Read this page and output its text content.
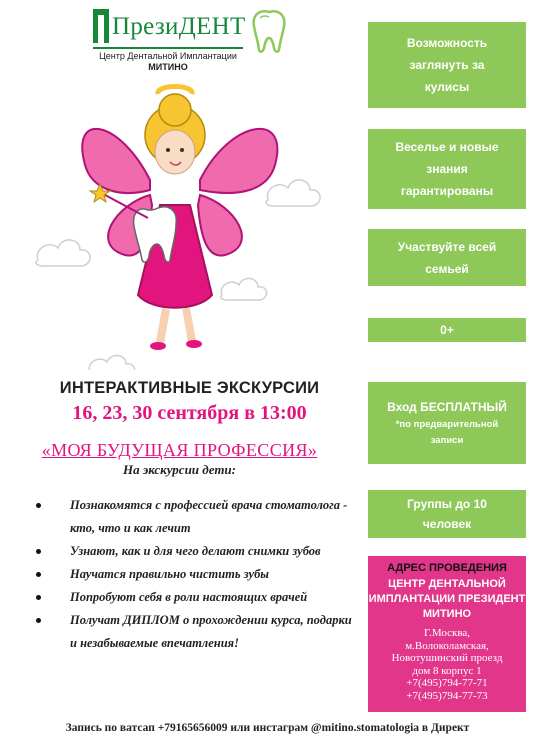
ПрезиДЕНТ
Центр Дентальной Имплантации
МИТИНО
ИНТЕРАКТИВНЫЕ ЭКСКУРСИИ
16, 23, 30 сентября в 13:00
«МОЯ БУДУЩАЯ ПРОФЕССИЯ»
На экскурсии дети:
Познакомятся с профессией врача стоматолога - кто, что и как лечит
Узнают, как и для чего делают снимки зубов
Научатся правильно чистить зубы
Попробуют себя в роли настоящих врачей
Получат ДИПЛОМ о прохождении курса, подарки и незабываемые впечатления!
Возможность заглянуть за кулисы
Веселье и новые знания гарантированы
Участвуйте всей семьей
0+
Вход БЕСПЛАТНЫЙ
*по предварительной записи
Группы до 10 человек
АДРЕС ПРОВЕДЕНИЯ
ЦЕНТР ДЕНТАЛЬНОЙ ИМПЛАНТАЦИИ ПРЕЗИДЕНТ МИТИНО
Г.Москва,
м.Волоколамская,
Новотушинский проезд
дом 8 корпус 1
+7(495)794-77-71
+7(495)794-77-73
Запись по ватсап +79165656009 или инстаграм @mitino.stomatologia в Директ
